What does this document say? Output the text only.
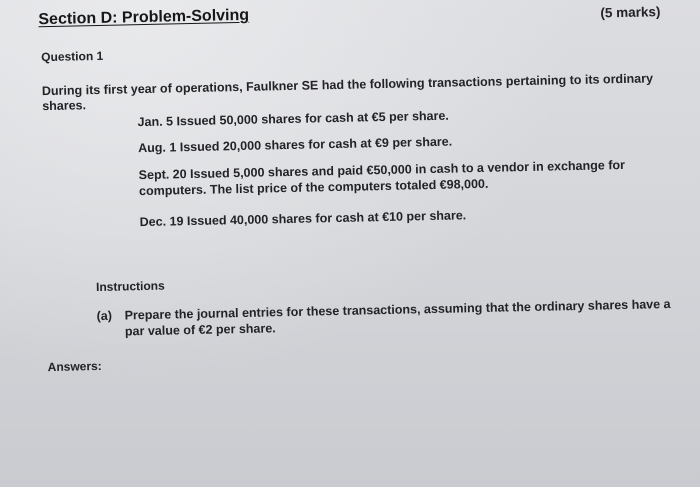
Section D: Problem-Solving	(5 marks)
Question 1
During its first year of operations, Faulkner SE had the following transactions pertaining to its ordinary
shares.
Jan. 5 Issued 50,000 shares for cash at €5 per share.
Aug. 1 Issued 20,000 shares for cash at €9 per share.
Sept. 20 Issued 5,000 shares and paid €50,000 in cash to a vendor in exchange for
computers. The list price of the computers totaled €98,000.
Dec. 19 Issued 40,000 shares for cash at €10 per share.
Instructions
(a) Prepare the journal entries for these transactions, assuming that the ordinary shares have a
par value of €2 per share.
Answers:
